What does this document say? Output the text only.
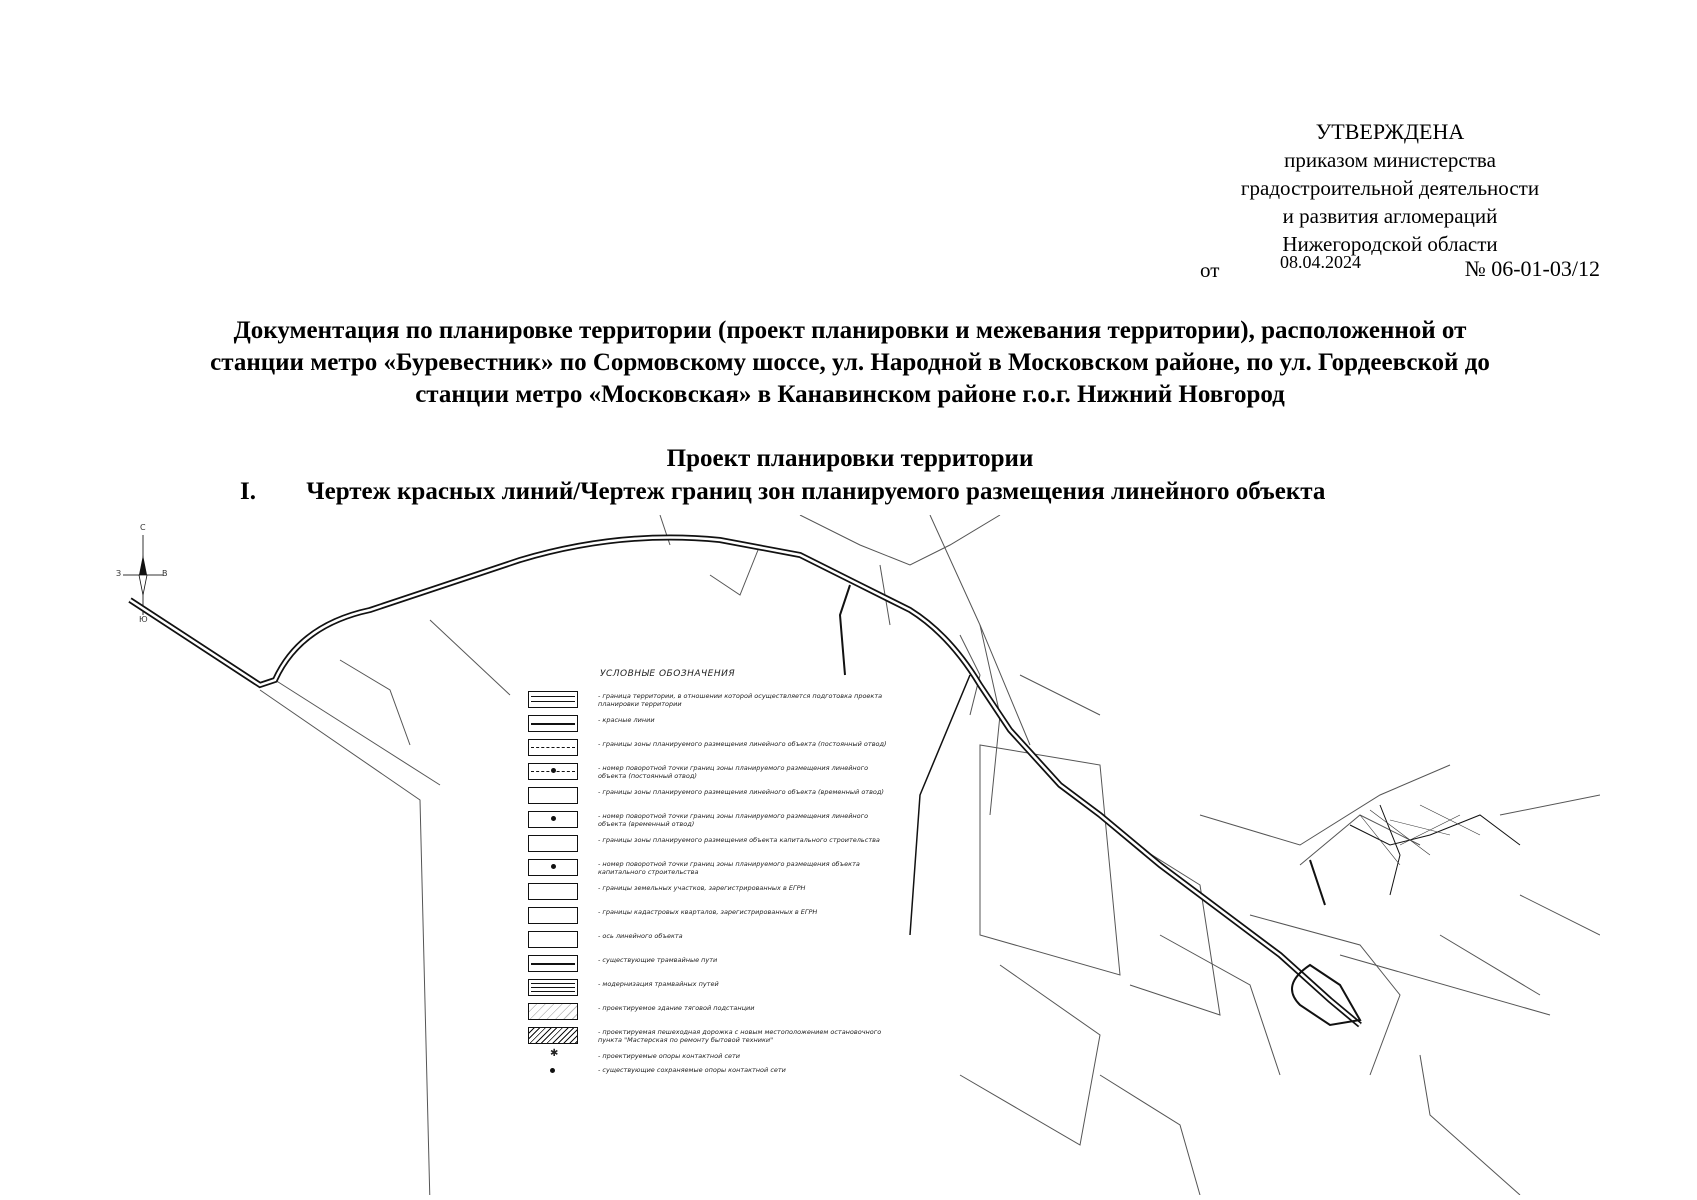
УТВЕРЖДЕНА
приказом министерства
градостроительной деятельности
и развития агломераций
Нижегородской области
от	08.04.2024	№ 06-01-03/12
Документация по планировке территории (проект планировки и межевания территории), расположенной от
станции метро «Буревестник» по Сормовскому шоссе, ул. Народной в Московском районе, по ул. Гордеевской до
станции метро «Московская» в Канавинском районе г.о.г. Нижний Новгород
Проект планировки территории
I. Чертеж красных линий/Чертеж границ зон планируемого размещения линейного объекта
С
З	В
Ю
УСЛОВНЫЕ ОБОЗНАЧЕНИЯ
- граница территории, в отношении которой осуществляется подготовка проекта планировки территории
- красные линии
- границы зоны планируемого размещения линейного объекта (постоянный отвод)
- номер поворотной точки границ зоны планируемого размещения линейного объекта (постоянный отвод)
- границы зоны планируемого размещения линейного объекта (временный отвод)
- номер поворотной точки границ зоны планируемого размещения линейного объекта (временный отвод)
- границы зоны планируемого размещения объекта капитального строительства
- номер поворотной точки границ зоны планируемого размещения объекта капитального строительства
- границы земельных участков, зарегистрированных в ЕГРН
- границы кадастровых кварталов, зарегистрированных в ЕГРН
- ось линейного объекта
- существующие трамвайные пути
- модернизация трамвайных путей
- проектируемое здание тяговой подстанции
- проектируемая пешеходная дорожка с новым местоположением остановочного пункта "Мастерская по ремонту бытовой техники"
✱	- проектируемые опоры контактной сети
- существующие сохраняемые опоры контактной сети
